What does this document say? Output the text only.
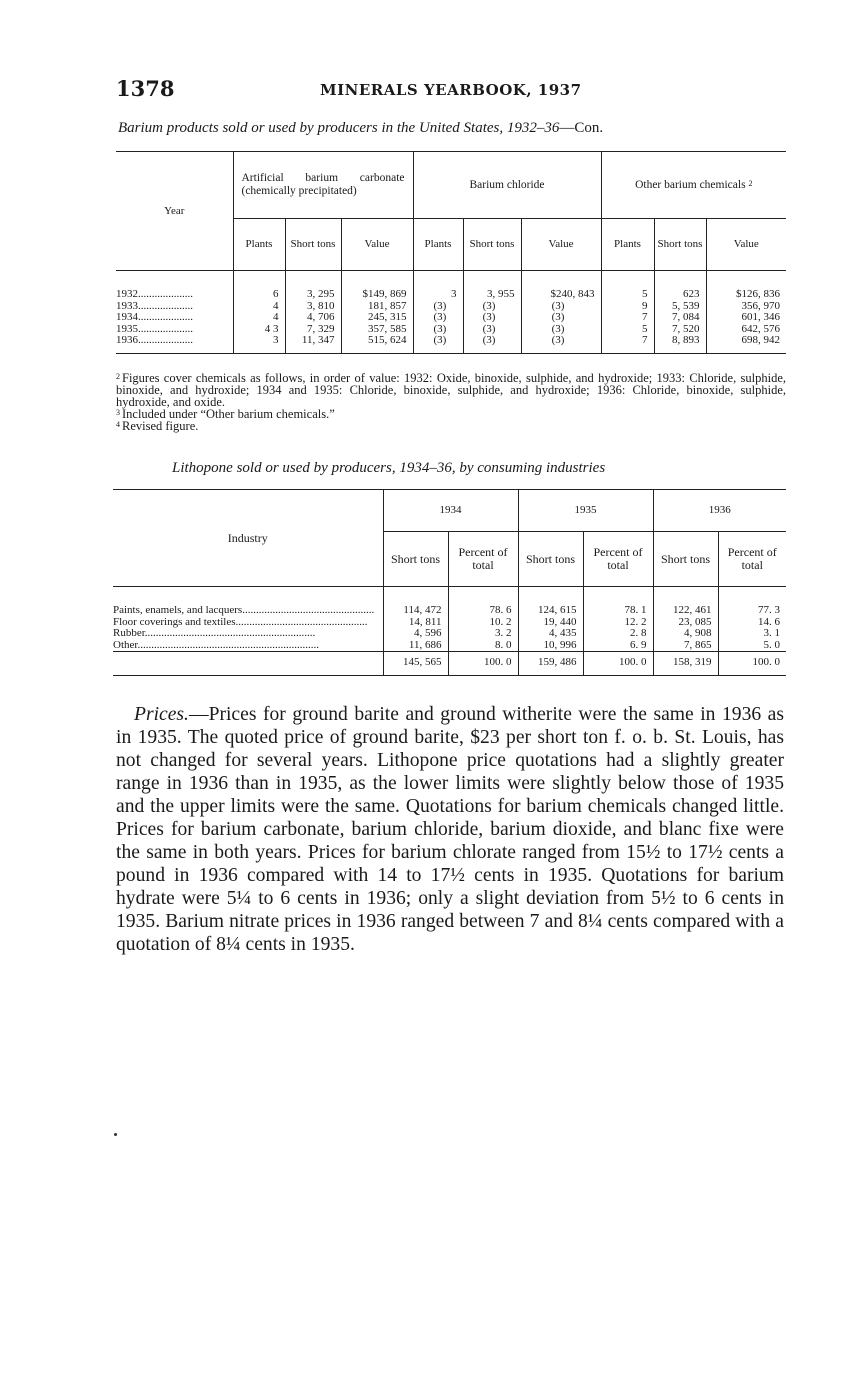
1378	MINERALS YEARBOOK, 1937
Barium products sold or used by producers in the United States, 1932–36—Con.
Year	Artificial barium carbonate (chemically precipitated)			Barium chloride			Other barium chemicals $^2$
	Plants	Short tons	Value	Plants	Short tons	Value	Plants	Short tons	Value
1932....................	6	3, 295	$149, 869	3	3, 955	$240, 843	5	623	$126, 836
1933....................	4	3, 810	181, 857	(3)	(3)	(3)	9	5, 539	356, 970
1934....................	4	4, 706	245, 315	(3)	(3)	(3)	7	7, 084	601, 346
1935....................	4 3	7, 329	357, 585	(3)	(3)	(3)	5	7, 520	642, 576
1936....................	3	11, 347	515, 624	(3)	(3)	(3)	7	8, 893	698, 942

$^2$ Figures cover chemicals as follows, in order of value: 1932: Oxide, binoxide, sulphide, and hydroxide; 1933: Chloride, sulphide, binoxide, and hydroxide; 1934 and 1935: Chloride, binoxide, sulphide, and hydroxide; 1936: Chloride, binoxide, sulphide, hydroxide, and oxide.

$^3$ Included under “Other barium chemicals.”

$^4$ Revised figure.

Lithopone sold or used by producers, 1934–36, by consuming industries
Industry	1934		1935		1936	
	Short tons	Percent of total	Short tons	Percent of total	Short tons	Percent of total
Paints, enamels, and lacquers................................................	114, 472	78. 6	124, 615	78. 1	122, 461	77. 3
Floor coverings and textiles................................................	14, 811	10. 2	19, 440	12. 2	23, 085	14. 6
Rubber..............................................................	4, 596	3. 2	4, 435	2. 8	4, 908	3. 1
Other..................................................................	11, 686	8. 0	10, 996	6. 9	7, 865	5. 0
	145, 565	100. 0	159, 486	100. 0	158, 319	100. 0

Prices.—Prices for ground barite and ground witherite were the same in 1936 as in 1935. The quoted price of ground barite, $23 per short ton f. o. b. St. Louis, has not changed for several years. Lithopone price quotations had a slightly greater range in 1936 than in 1935, as the lower limits were slightly below those of 1935 and the upper limits were the same. Quotations for barium chemicals changed little. Prices for barium carbonate, barium chloride, barium dioxide, and blanc fixe were the same in both years. Prices for barium chlorate ranged from 15½ to 17½ cents a pound in 1936 compared with 14 to 17½ cents in 1935. Quotations for barium hydrate were 5¼ to 6 cents in 1936; only a slight deviation from 5½ to 6 cents in 1935. Barium nitrate prices in 1936 ranged between 7 and 8¼ cents compared with a quotation of 8¼ cents in 1935.
